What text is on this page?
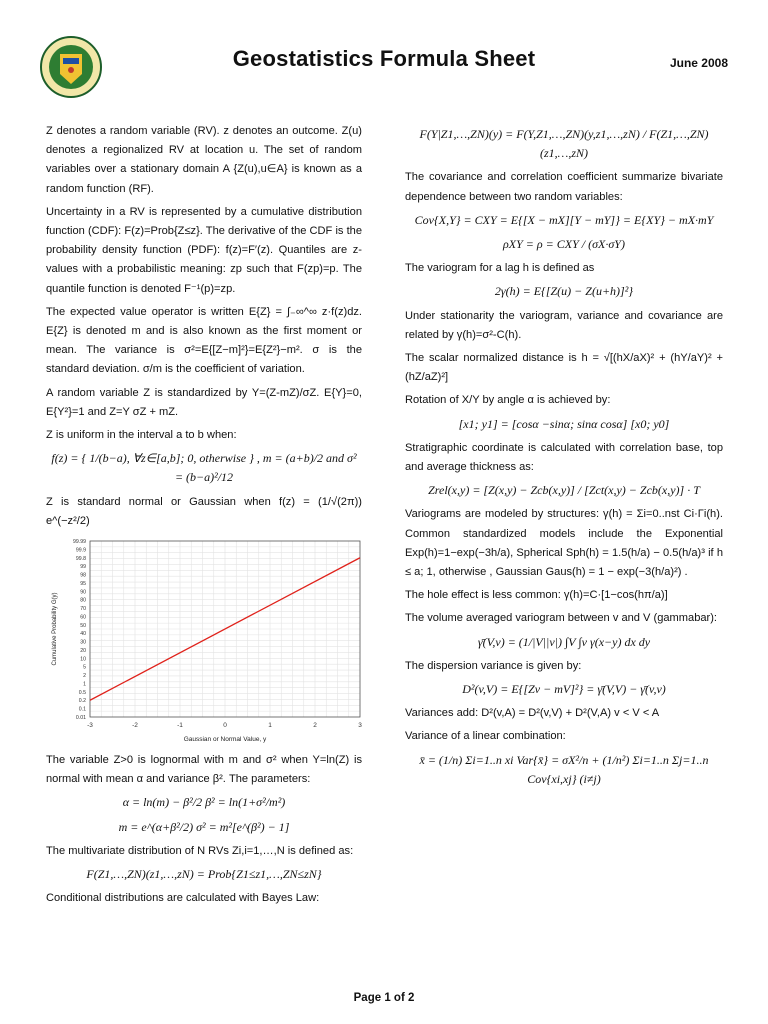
Geostatistics Formula Sheet	June 2008

Z denotes a random variable (RV). z denotes an outcome. Z(u) denotes a regionalized RV at location u. The set of random variables over a stationary domain A {Z(u),u∈A} is known as a random function (RF).

Uncertainty in a RV is represented by a cumulative distribution function (CDF): F(z)=Prob{Z≤z}. The derivative of the CDF is the probability density function (PDF): f(z)=F′(z). Quantiles are z-values with a probabilistic meaning: zp such that F(zp)=p. The quantile function is denoted F⁻¹(p)=zp.

The expected value operator is written E{Z} = ∫₋∞^∞ z·f(z)dz. E{Z} is denoted m and is also known as the first moment or mean. The variance is σ²=E{[Z−m]²}=E{Z²}−m². σ is the standard deviation. σ/m is the coefficient of variation.

A random variable Z is standardized by Y=(Z-mZ)/σZ. E{Y}=0, E{Y²}=1 and Z=Y σZ + mZ.

Z is uniform in the interval a to b when:

f(z) = { 1/(b−a), ∀z∈[a,b]; 0, otherwise } , m = (a+b)/2 and σ² = (b−a)²/12

Z is standard normal or Gaussian when f(z) = (1/√(2π)) e^(−z²/2)

-3	-2	-1	0	1	2	3
99.99
99.9
99.8
99
98
95
90
80
70
60
50
40
30
20
10
5
2
1
0.5
0.2
0.1
0.01
Gaussian or Normal Value, y
Cumulative Probability G(y)

The variable Z>0 is lognormal with m and σ² when Y=ln(Z) is normal with mean α and variance β². The parameters:

α = ln(m) − β²/2 β² = ln(1+σ²/m²)
m = e^(α+β²/2) σ² = m²[e^(β²) − 1]

The multivariate distribution of N RVs Zi,i=1,…,N is defined as:

F(Z1,…,ZN)(z1,…,zN) = Prob{Z1≤z1,…,ZN≤zN}

Conditional distributions are calculated with Bayes Law:

F(Y|Z1,…,ZN)(y) = F(Y,Z1,…,ZN)(y,z1,…,zN) / F(Z1,…,ZN)(z1,…,zN)

The covariance and correlation coefficient summarize bivariate dependence between two random variables:

Cov{X,Y} = CXY = E{[X − mX][Y − mY]} = E{XY} − mX·mY
ρXY = ρ = CXY / (σX·σY)

The variogram for a lag h is defined as

2γ(h) = E{[Z(u) − Z(u+h)]²}

Under stationarity the variogram, variance and covariance are related by γ(h)=σ²-C(h).

The scalar normalized distance is h = √[(hX/aX)² + (hY/aY)² + (hZ/aZ)²]

Rotation of X/Y by angle α is achieved by:

[x1; y1] = [cosα −sinα; sinα cosα] [x0; y0]

Stratigraphic coordinate is calculated with correlation base, top and average thickness as:

Zrel(x,y) = [Z(x,y) − Zcb(x,y)] / [Zct(x,y) − Zcb(x,y)] · T

Variograms are modeled by structures: γ(h) = Σi=0..nst Ci·Γi(h). Common standardized models include the Exponential Exp(h)=1−exp(−3h/a), Spherical Sph(h) = 1.5(h/a) − 0.5(h/a)³ if h ≤ a; 1, otherwise , Gaussian Gaus(h) = 1 − exp(−3(h/a)²) .

The hole effect is less common: γ(h)=C·[1−cos(hπ/a)]

The volume averaged variogram between v and V (gammabar):

γ̄(V,v) = (1/|V||v|) ∫V ∫v γ(x−y) dx dy

The dispersion variance is given by:

D²(v,V) = E{[Zv − mV]²} = γ̄(V,V) − γ̄(v,v)

Variances add: D²(v,A) = D²(v,V) + D²(V,A) v < V < A

Variance of a linear combination:

x̄ = (1/n) Σi=1..n xi Var{x̄} = σX²/n + (1/n²) Σi=1..n Σj=1..n Cov{xi,xj} (i≠j)
Page 1 of 2
